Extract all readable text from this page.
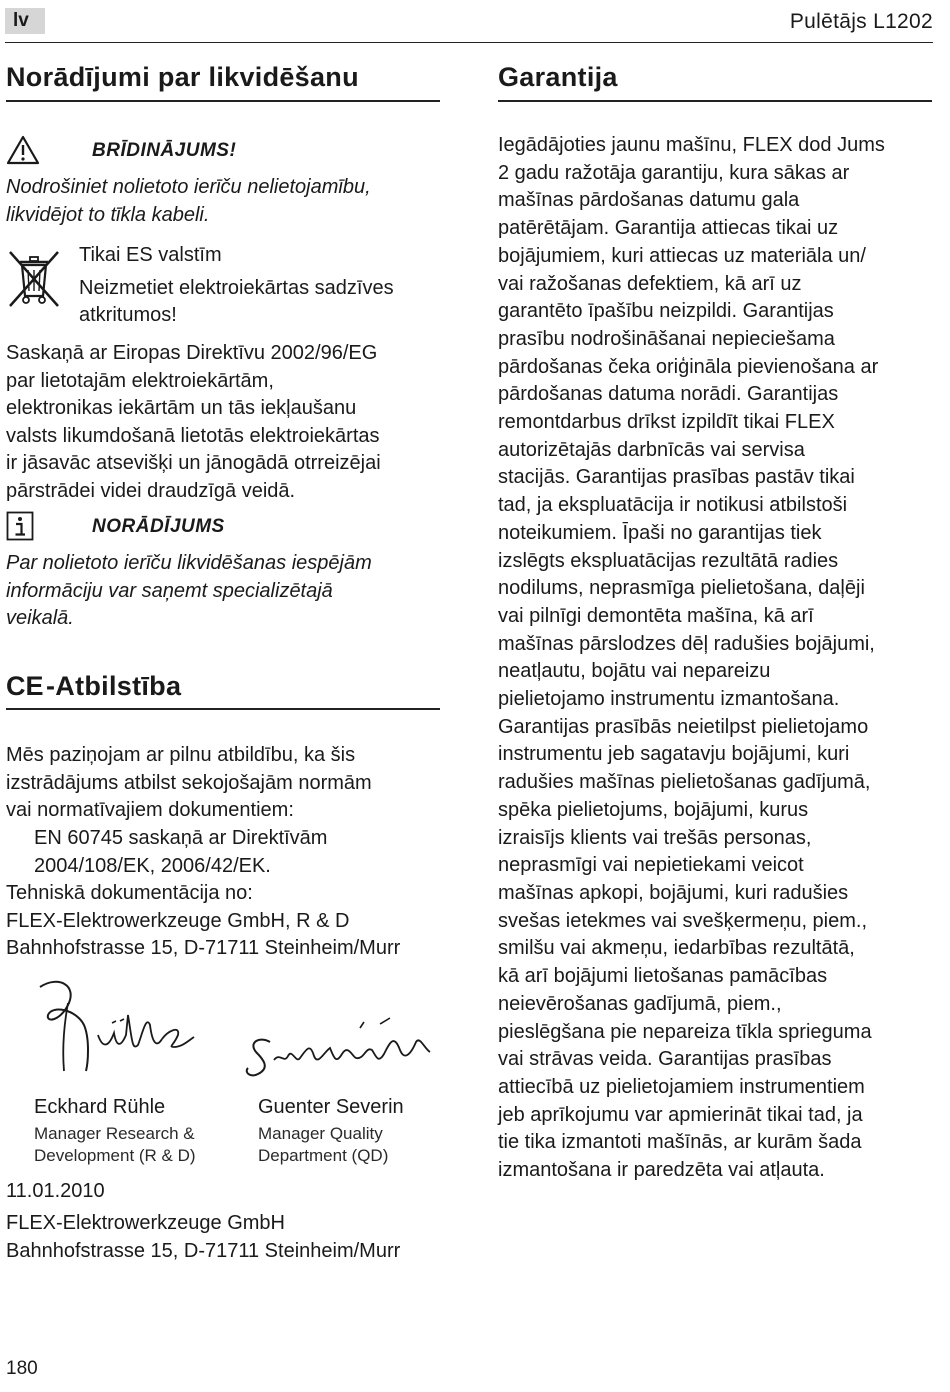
lv	Pulētājs L1202
Norādījumi par likvidēšanu
BRĪDINĀJUMS!
Nodrošiniet nolietoto ierīču nelietojamību,
likvidējot to tīkla kabeli.
Tikai ES valstīm
Neizmetiet elektroiekārtas sadzīves
atkritumos!
Saskaņā ar Eiropas Direktīvu 2002/96/EG
par lietotajām elektroiekārtām,
elektronikas iekārtām un tās iekļaušanu
valsts likumdošanā lietotās elektroiekārtas
ir jāsavāc atsevišķi un jānogādā otrreizējai
pārstrādei videi draudzīgā veidā.
NORĀDĪJUMS
Par nolietoto ierīču likvidēšanas iespējām
informāciju var saņemt specializētajā
veikalā.
CE -Atbilstība
Mēs paziņojam ar pilnu atbildību, ka šis
izstrādājums atbilst sekojošajām normām
vai normatīvajiem dokumentiem:
EN 60745 saskaņā ar Direktīvām
2004/108/EK, 2006/42/EK.
Tehniskā dokumentācija no:
FLEX-Elektrowerkzeuge GmbH, R & D
Bahnhofstrasse 15, D-71711 Steinheim/Murr
Eckhard Rühle
Manager Research &
Development (R & D)
Guenter Severin
Manager Quality
Department (QD)
11.01.2010
FLEX-Elektrowerkzeuge GmbH
Bahnhofstrasse 15, D-71711 Steinheim/Murr
Garantija
Iegādājoties jaunu mašīnu, FLEX dod Jums
2 gadu ražotāja garantiju, kura sākas ar
mašīnas pārdošanas datumu gala
patērētājam. Garantija attiecas tikai uz
bojājumiem, kuri attiecas uz materiāla un/
vai ražošanas defektiem, kā arī uz
garantēto īpašību neizpildi. Garantijas
prasību nodrošināšanai nepieciešama
pārdošanas čeka oriģināla pievienošana ar
pārdošanas datuma norādi. Garantijas
remontdarbus drīkst izpildīt tikai FLEX
autorizētajās darbnīcās vai servisa
stacijās. Garantijas prasības pastāv tikai
tad, ja ekspluatācija ir notikusi atbilstoši
noteikumiem. Īpaši no garantijas tiek
izslēgts ekspluatācijas rezultātā radies
nodilums, neprasmīga pielietošana, daļēji
vai pilnīgi demontēta mašīna, kā arī
mašīnas pārslodzes dēļ radušies bojājumi,
neatļautu, bojātu vai nepareizu
pielietojamo instrumentu izmantošana.
Garantijas prasībās neietilpst pielietojamo
instrumentu jeb sagatavju bojājumi, kuri
radušies mašīnas pielietošanas gadījumā,
spēka pielietojums, bojājumi, kurus
izraisījs klients vai trešās personas,
neprasmīgi vai nepietiekami veicot
mašīnas apkopi, bojājumi, kuri radušies
svešas ietekmes vai svešķermeņu, piem.,
smilšu vai akmeņu, iedarbības rezultātā,
kā arī bojājumi lietošanas pamācības
neievērošanas gadījumā, piem.,
pieslēgšana pie nepareiza tīkla sprieguma
vai strāvas veida. Garantijas prasības
attiecībā uz pielietojamiem instrumentiem
jeb aprīkojumu var apmierināt tikai tad, ja
tie tika izmantoti mašīnās, ar kurām šada
izmantošana ir paredzēta vai atļauta.
180
